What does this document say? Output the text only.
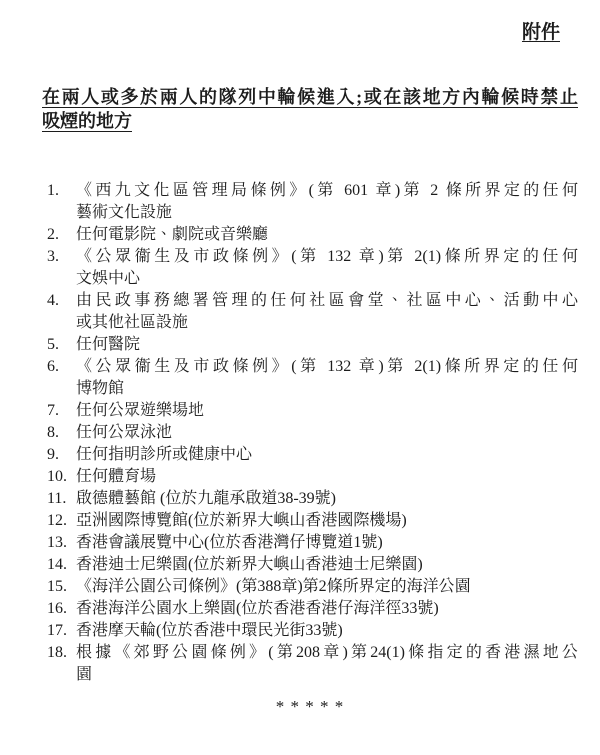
附件
在兩人或多於兩人的隊列中輪候進入;或在該地方內輪候時禁止
吸煙的地方
1. 《西九文化區管理局條例》(第 601 章)第 2 條所界定的任何
藝術文化設施
2. 任何電影院、劇院或音樂廳
3. 《公眾衞生及市政條例》(第 132 章)第 2(1)條所界定的任何
文娛中心
4. 由民政事務總署管理的任何社區會堂、社區中心、活動中心
或其他社區設施
5. 任何醫院
6. 《公眾衞生及市政條例》(第 132 章)第 2(1)條所界定的任何
博物館
7. 任何公眾遊樂場地
8. 任何公眾泳池
9. 任何指明診所或健康中心
10. 任何體育場
11. 啟德體藝館 (位於九龍承啟道38-39號)
12. 亞洲國際博覽館(位於新界大嶼山香港國際機場)
13. 香港會議展覽中心(位於香港灣仔博覽道1號)
14. 香港迪士尼樂園(位於新界大嶼山香港迪士尼樂園)
15. 《海洋公園公司條例》(第388章)第2條所界定的海洋公園
16. 香港海洋公園水上樂園(位於香港香港仔海洋徑33號)
17. 香港摩天輪(位於香港中環民光街33號)
18. 根據《郊野公園條例》(第208章)第24(1)條指定的香港濕地公
園
* * * * *
